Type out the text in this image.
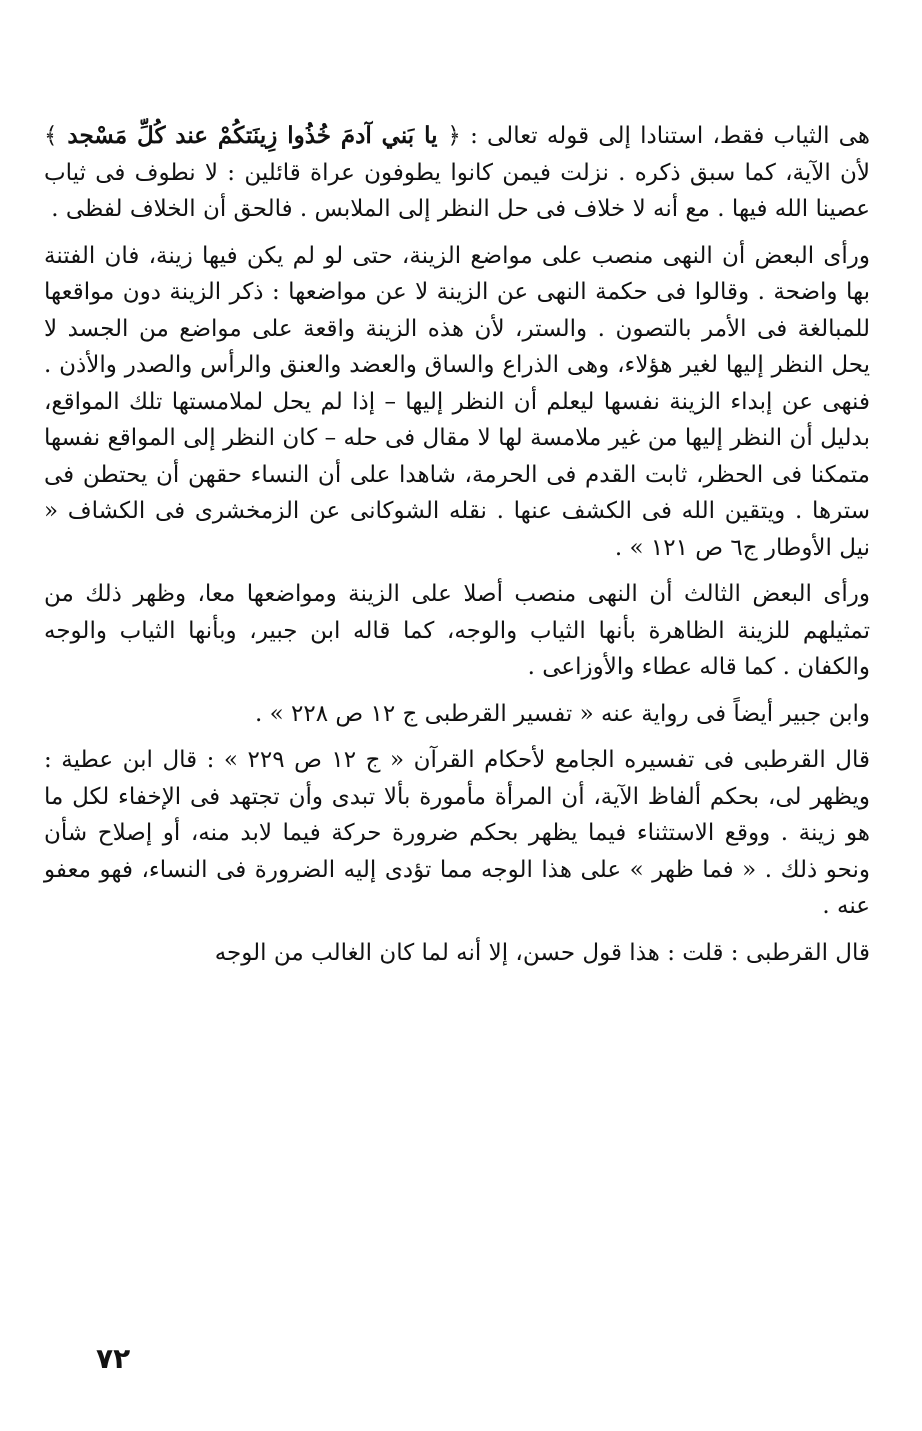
هى الثياب فقط، استنادا إلى قوله تعالى : ﴿ يا بَني آدمَ خُذُوا زِينَتكُمْ عند كُلِّ مَسْجد ﴾ لأن الآية، كما سبق ذكره . نزلت فيمن كانوا يطوفون عراة قائلين : لا نطوف فى ثياب عصينا الله فيها . مع أنه لا خلاف فى حل النظر إلى الملابس . فالحق أن الخلاف لفظى .

ورأى البعض أن النهى منصب على مواضع الزينة، حتى لو لم يكن فيها زينة، فان الفتنة بها واضحة . وقالوا فى حكمة النهى عن الزينة لا عن مواضعها : ذكر الزينة دون مواقعها للمبالغة فى الأمر بالتصون . والستر، لأن هذه الزينة واقعة على مواضع من الجسد لا يحل النظر إليها لغير هؤلاء، وهى الذراع والساق والعضد والعنق والرأس والصدر والأذن . فنهى عن إبداء الزينة نفسها ليعلم أن النظر إليها – إذا لم يحل لملامستها تلك المواقع، بدليل أن النظر إليها من غير ملامسة لها لا مقال فى حله – كان النظر إلى المواقع نفسها متمكنا فى الحظر، ثابت القدم فى الحرمة، شاهدا على أن النساء حقهن أن يحتطن فى سترها . ويتقين الله فى الكشف عنها . نقله الشوكانى عن الزمخشرى فى الكشاف « نيل الأوطار ج٦ ص ١٢١ » .

ورأى البعض الثالث أن النهى منصب أصلا على الزينة ومواضعها معا، وظهر ذلك من تمثيلهم للزينة الظاهرة بأنها الثياب والوجه، كما قاله ابن جبير، وبأنها الثياب والوجه والكفان . كما قاله عطاء والأوزاعى .

وابن جبير أيضاً فى رواية عنه « تفسير القرطبى ج ١٢ ص ٢٢٨ » .

قال القرطبى فى تفسيره الجامع لأحكام القرآن « ج ١٢ ص ٢٢٩ » : قال ابن عطية : ويظهر لى، بحكم ألفاظ الآية، أن المرأة مأمورة بألا تبدى وأن تجتهد فى الإخفاء لكل ما هو زينة . ووقع الاستثناء فيما يظهر بحكم ضرورة حركة فيما لابد منه، أو إصلاح شأن ونحو ذلك . « فما ظهر » على هذا الوجه مما تؤدى إليه الضرورة فى النساء، فهو معفو عنه .

قال القرطبى : قلت : هذا قول حسن، إلا أنه لما كان الغالب من الوجه

٧٢
